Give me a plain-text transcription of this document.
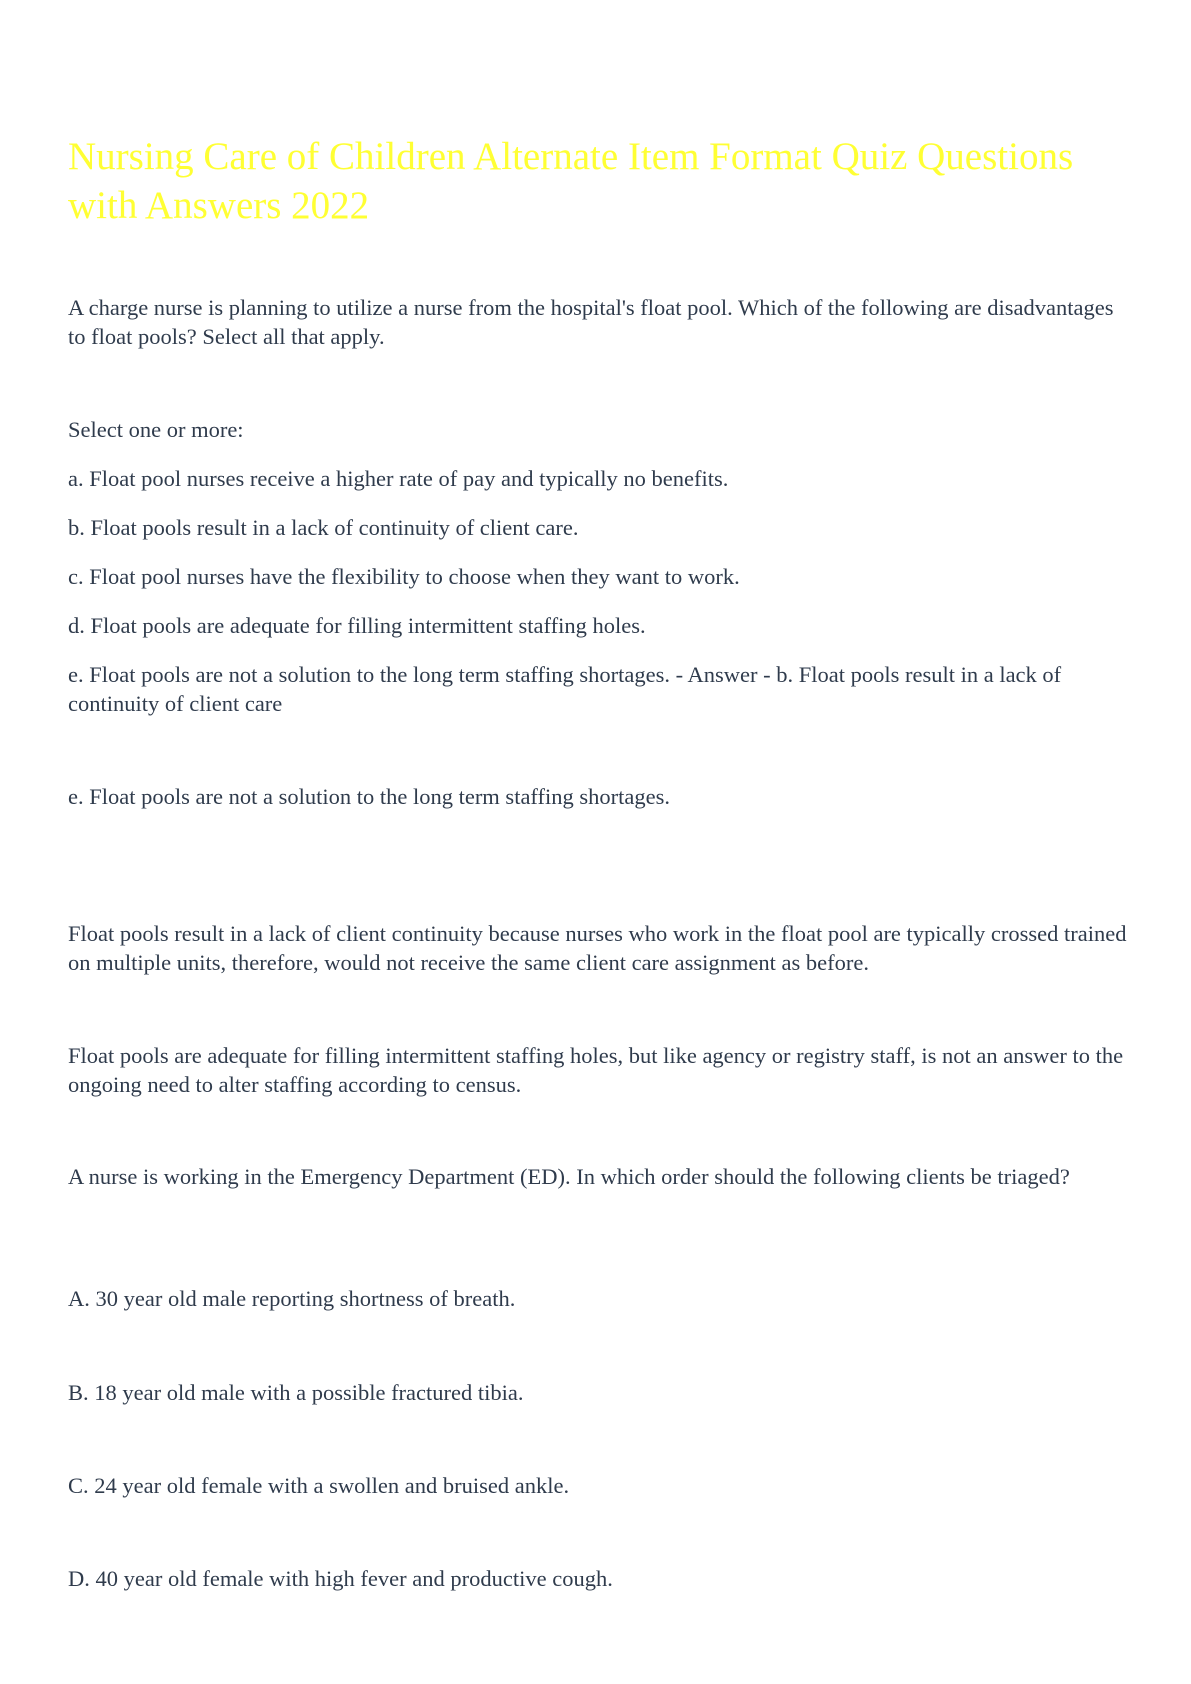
Nursing Care of Children Alternate Item Format Quiz Questions with Answers 2022

A charge nurse is planning to utilize a nurse from the hospital's float pool. Which of the following are disadvantages to float pools? Select all that apply.

Select one or more:

a. Float pool nurses receive a higher rate of pay and typically no benefits.

b. Float pools result in a lack of continuity of client care.

c. Float pool nurses have the flexibility to choose when they want to work.

d. Float pools are adequate for filling intermittent staffing holes.

e. Float pools are not a solution to the long term staffing shortages. - Answer - b. Float pools result in a lack of continuity of client care

e. Float pools are not a solution to the long term staffing shortages.

Float pools result in a lack of client continuity because nurses who work in the float pool are typically crossed trained on multiple units, therefore, would not receive the same client care assignment as before.

Float pools are adequate for filling intermittent staffing holes, but like agency or registry staff, is not an answer to the ongoing need to alter staffing according to census.

A nurse is working in the Emergency Department (ED). In which order should the following clients be triaged?

A. 30 year old male reporting shortness of breath.

B. 18 year old male with a possible fractured tibia.

C. 24 year old female with a swollen and bruised ankle.

D. 40 year old female with high fever and productive cough.
